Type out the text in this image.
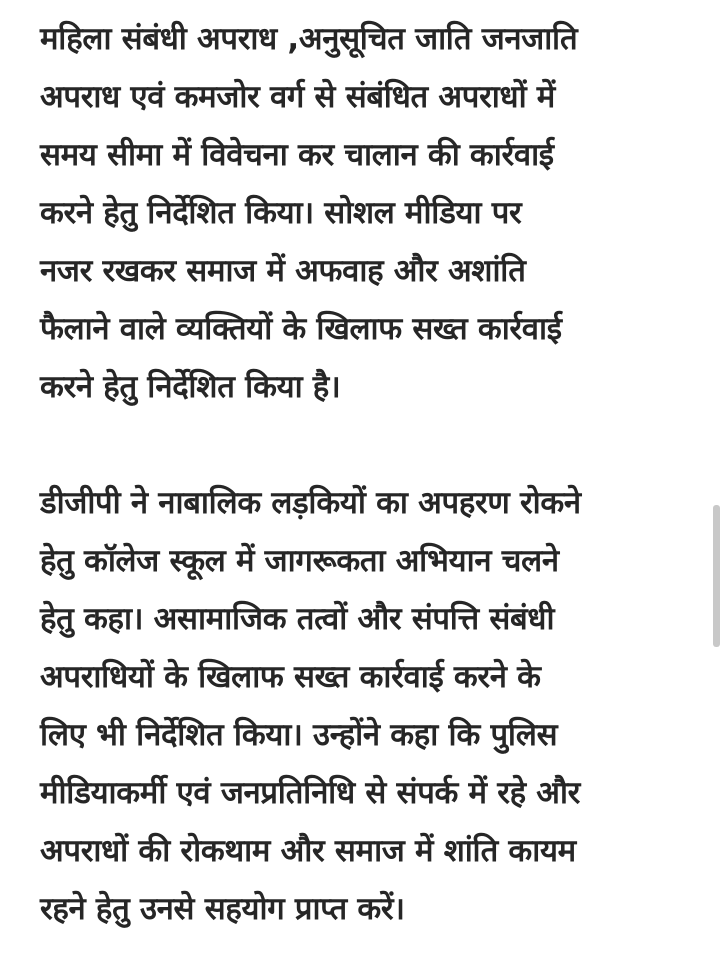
महिला संबंधी अपराध ,अनुसूचित जाति जनजाति
अपराध एवं कमजोर वर्ग से संबंधित अपराधों में
समय सीमा में विवेचना कर चालान की कार्रवाई
करने हेतु निर्देशित किया। सोशल मीडिया पर
नजर रखकर समाज में अफवाह और अशांति
फैलाने वाले व्यक्तियों के खिलाफ सख्त कार्रवाई
करने हेतु निर्देशित किया है।
डीजीपी ने नाबालिक लड़कियों का अपहरण रोकने
हेतु कॉलेज स्कूल में जागरूकता अभियान चलने
हेतु कहा। असामाजिक तत्वों और संपत्ति संबंधी
अपराधियों के खिलाफ सख्त कार्रवाई करने के
लिए भी निर्देशित किया। उन्होंने कहा कि पुलिस
मीडियाकर्मी एवं जनप्रतिनिधि से संपर्क में रहे और
अपराधों की रोकथाम और समाज में शांति कायम
रहने हेतु उनसे सहयोग प्राप्त करें।
